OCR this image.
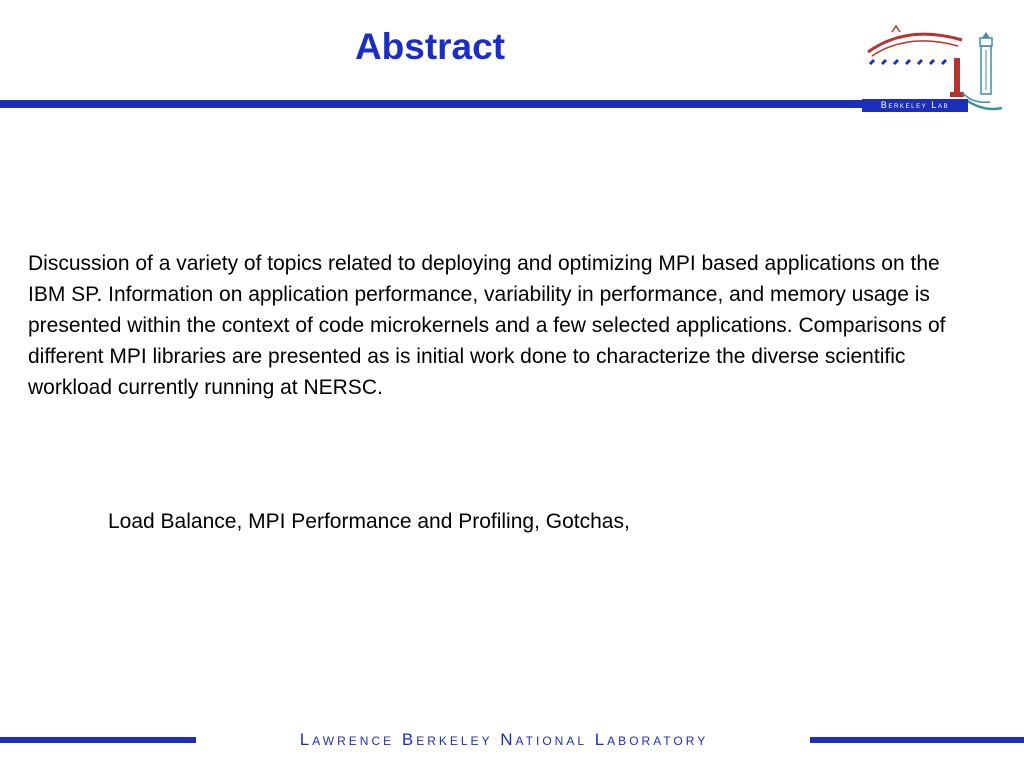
Abstract
Berkeley Lab
Discussion of a variety of topics related to deploying and optimizing MPI based applications on the IBM SP. Information on application performance, variability in performance, and memory usage is presented within the context of code microkernels and a few selected applications. Comparisons of different MPI libraries are presented as is initial work done to characterize the diverse scientific workload currently running at NERSC.
Load Balance, MPI Performance and Profiling, Gotchas,
Lawrence Berkeley National Laboratory
